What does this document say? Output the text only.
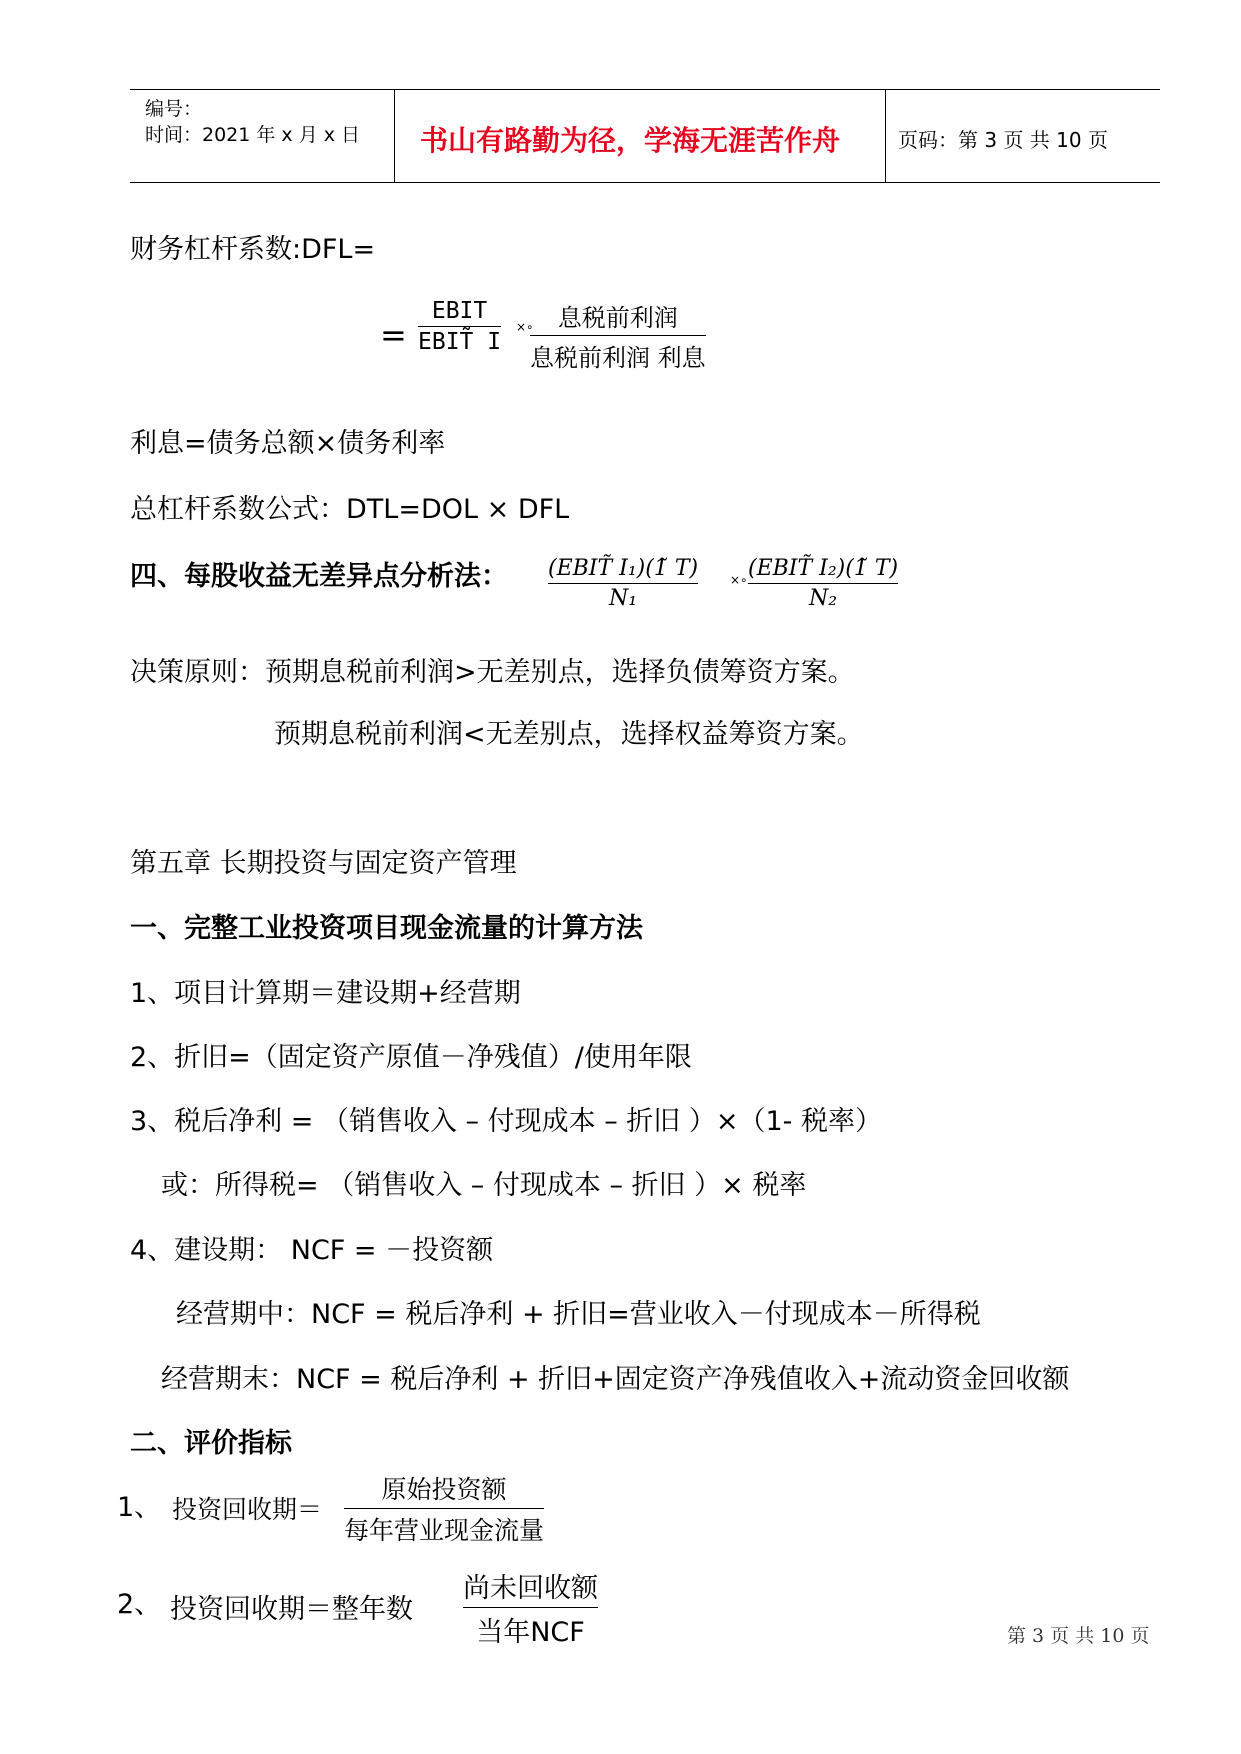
编号：
时间：2021 年 x 月 x 日 书山有路勤为径，学海无涯苦作舟	页码：第 3 页 共 10 页
财务杠杆系数:DFL=
=
EBIT
EBIT̃ I
×∘ 息税前利润
息税前利润 利息
利息=债务总额×债务利率
总杠杆系数公式：DTL=DOL × DFL
四、每股收益无差异点分析法： (EBIT̃ I₁)(1̃ T)
N₁
×∘ (EBIT̃ I₂)(1̃ T)
N₂
决策原则：预期息税前利润>无差别点，选择负债筹资方案。
预期息税前利润<无差别点，选择权益筹资方案。
第五章 长期投资与固定资产管理
一、完整工业投资项目现金流量的计算方法
1、项目计算期＝建设期+经营期
2、折旧=（固定资产原值－净残值）/使用年限
3、税后净利 = （销售收入 – 付现成本 – 折旧 ）×（1- 税率）
或：所得税= （销售收入 – 付现成本 – 折旧 ）× 税率
4、建设期： NCF = －投资额
经营期中：NCF = 税后净利 + 折旧=营业收入－付现成本－所得税
经营期末：NCF = 税后净利 + 折旧+固定资产净残值收入+流动资金回收额
二、评价指标
1、 投资回收期＝
原始投资额
每年营业现金流量
2、 投资回收期＝整年数
尚未回收额
当年NCF	第 3 页 共 10 页
